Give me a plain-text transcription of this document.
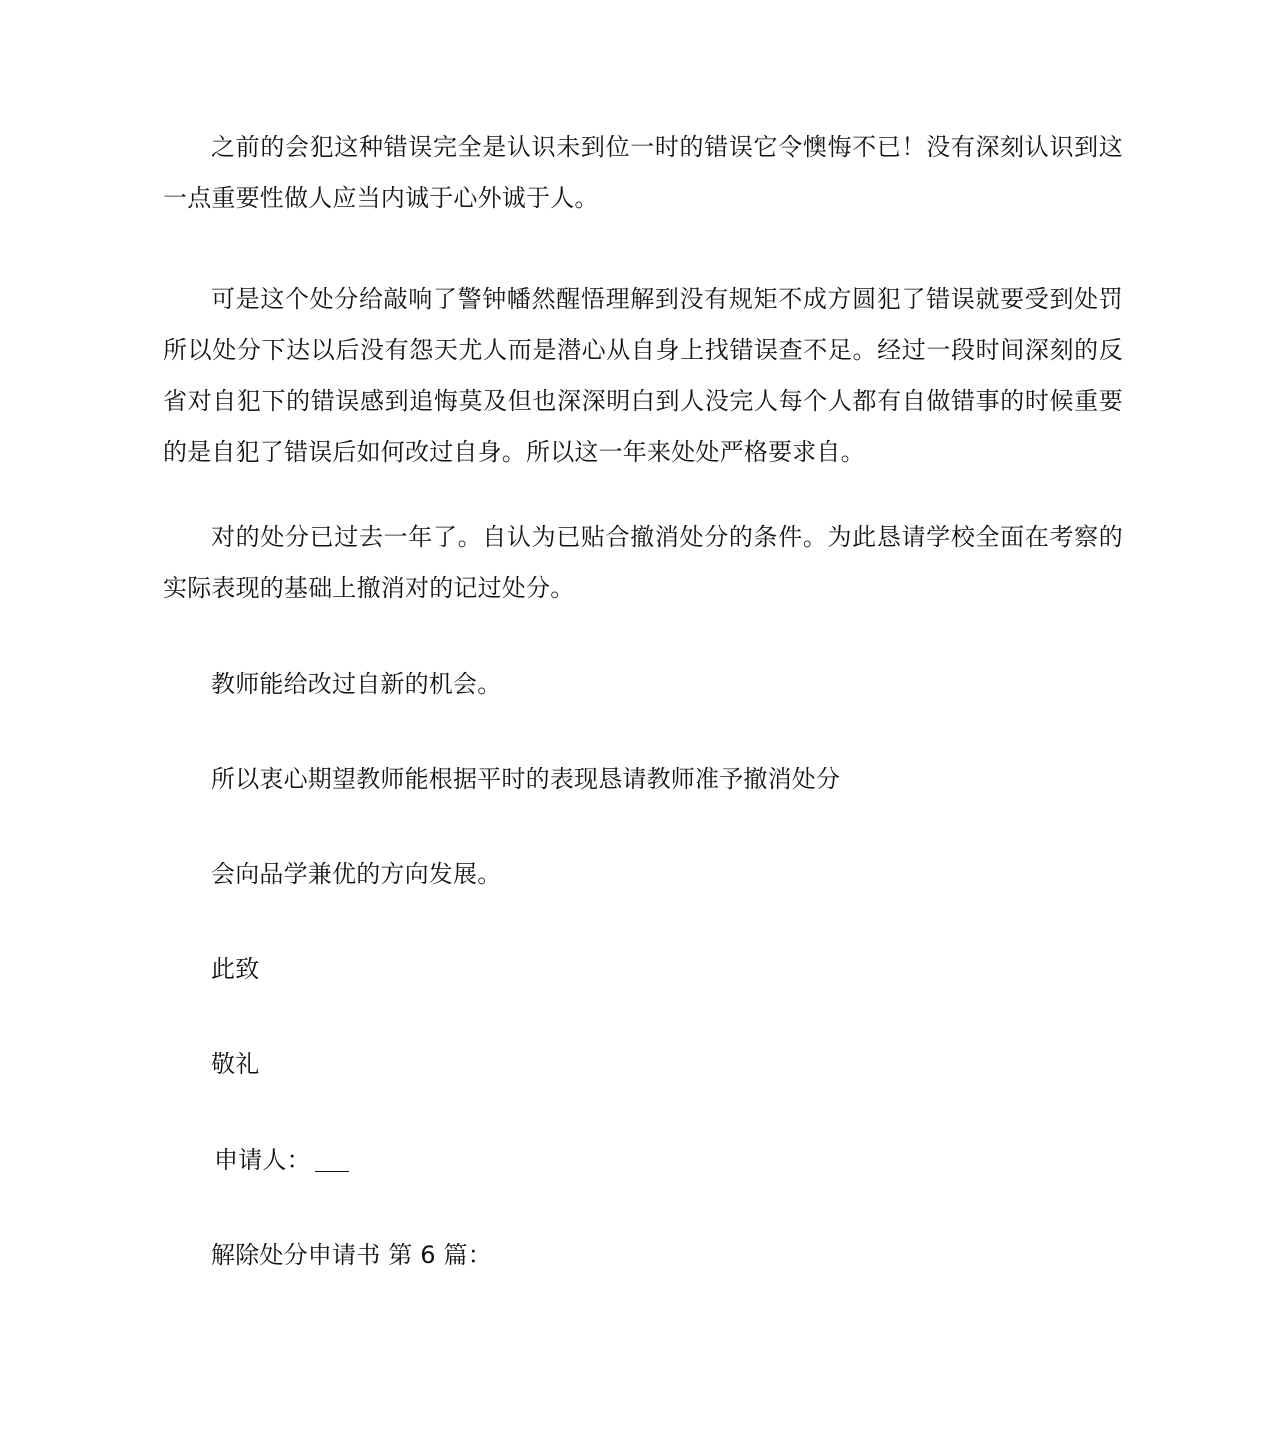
之前的会犯这种错误完全是认识未到位一时的错误它令懊悔不已！没有深刻认识到这一点重要性做人应当内诚于心外诚于人。

可是这个处分给敲响了警钟幡然醒悟理解到没有规矩不成方圆犯了错误就要受到处罚所以处分下达以后没有怨天尤人而是潜心从自身上找错误查不足。经过一段时间深刻的反省对自犯下的错误感到追悔莫及但也深深明白到人没完人每个人都有自做错事的时候重要的是自犯了错误后如何改过自身。所以这一年来处处严格要求自。

对的处分已过去一年了。自认为已贴合撤消处分的条件。为此恳请学校全面在考察的实际表现的基础上撤消对的记过处分。

教师能给改过自新的机会。

所以衷心期望教师能根据平时的表现恳请教师准予撤消处分

会向品学兼优的方向发展。

此致

敬礼

申请人：

解除处分申请书 第 6 篇：
